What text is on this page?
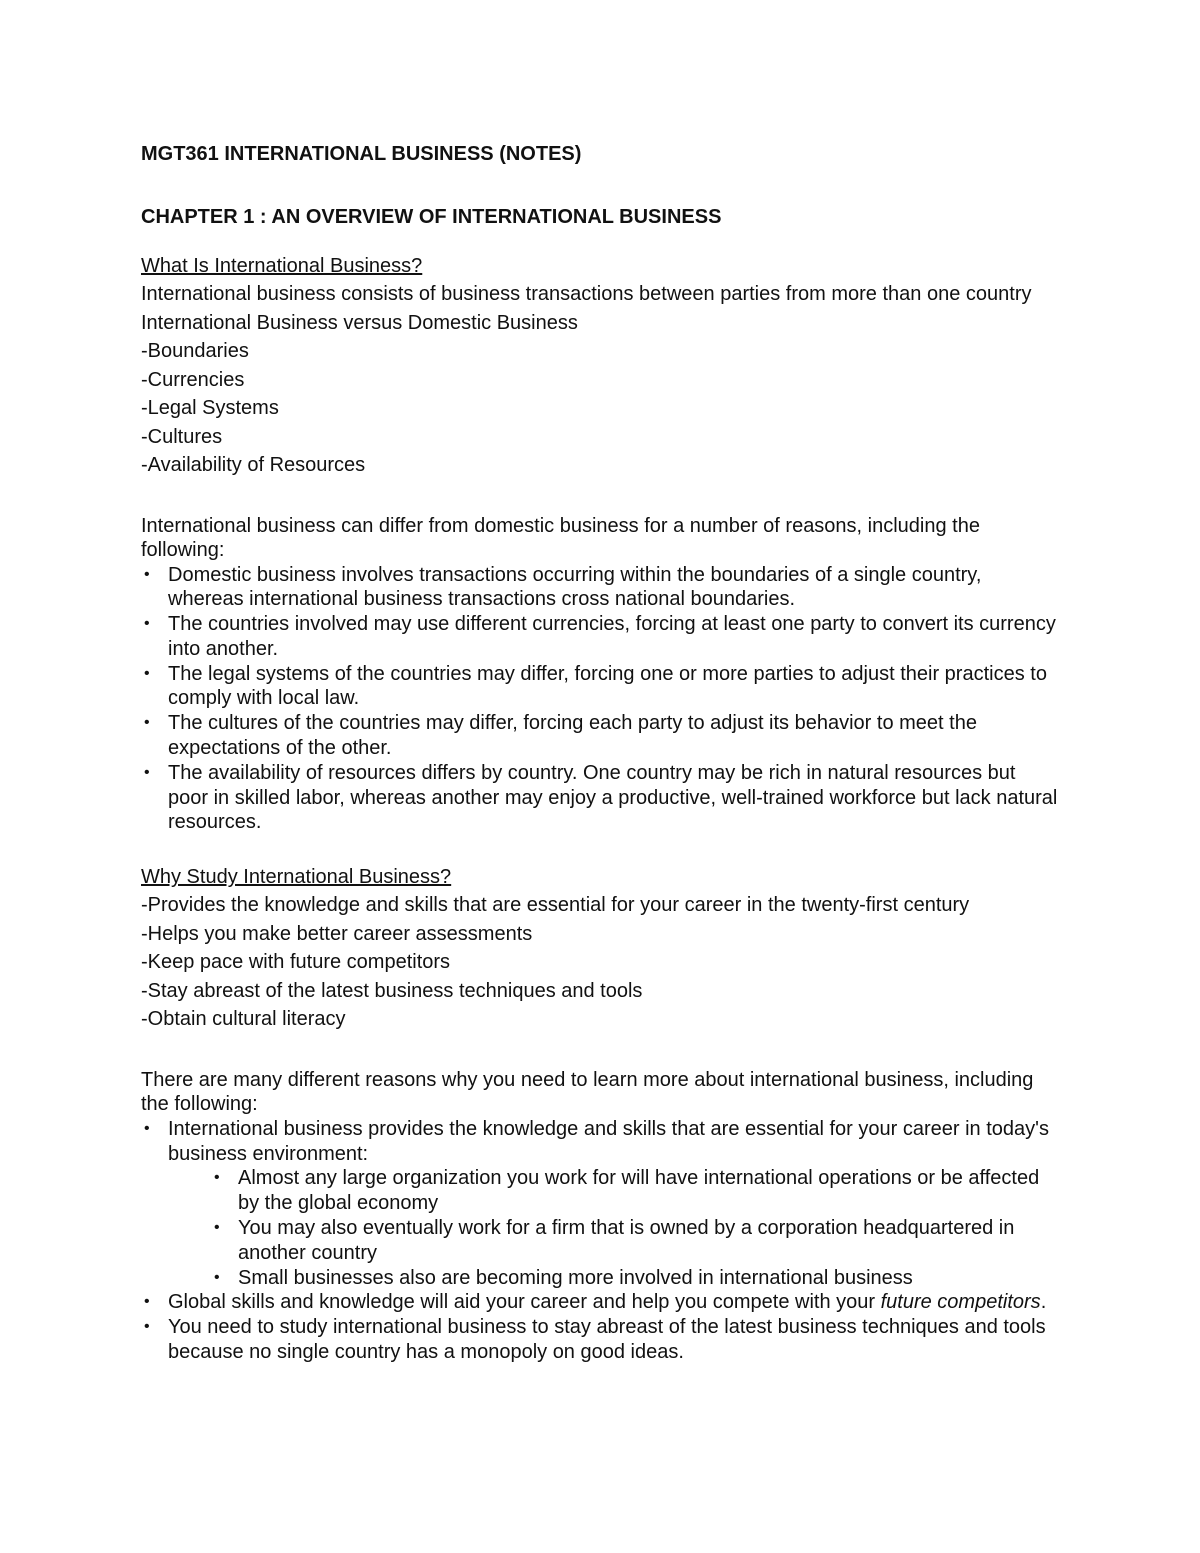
MGT361 INTERNATIONAL BUSINESS (NOTES)

CHAPTER 1 : AN OVERVIEW OF INTERNATIONAL BUSINESS

What Is International Business?

International business consists of business transactions between parties from more than one country

International Business versus Domestic Business

-Boundaries

-Currencies

-Legal Systems

-Cultures

-Availability of Resources

International business can differ from domestic business for a number of reasons, including the following:

• Domestic business involves transactions occurring within the boundaries of a single country, whereas international business transactions cross national boundaries.
• The countries involved may use different currencies, forcing at least one party to convert its currency into another.
• The legal systems of the countries may differ, forcing one or more parties to adjust their practices to comply with local law.
• The cultures of the countries may differ, forcing each party to adjust its behavior to meet the expectations of the other.
• The availability of resources differs by country. One country may be rich in natural resources but poor in skilled labor, whereas another may enjoy a productive, well-trained workforce but lack natural resources.

Why Study International Business?

-Provides the knowledge and skills that are essential for your career in the twenty-first century

-Helps you make better career assessments

-Keep pace with future competitors

-Stay abreast of the latest business techniques and tools

-Obtain cultural literacy

There are many different reasons why you need to learn more about international business, including the following:

• International business provides the knowledge and skills that are essential for your career in today's business environment:
• Almost any large organization you work for will have international operations or be affected by the global economy
• You may also eventually work for a firm that is owned by a corporation headquartered in another country
• Small businesses also are becoming more involved in international business
• Global skills and knowledge will aid your career and help you compete with your future competitors.
• You need to study international business to stay abreast of the latest business techniques and tools because no single country has a monopoly on good ideas.
